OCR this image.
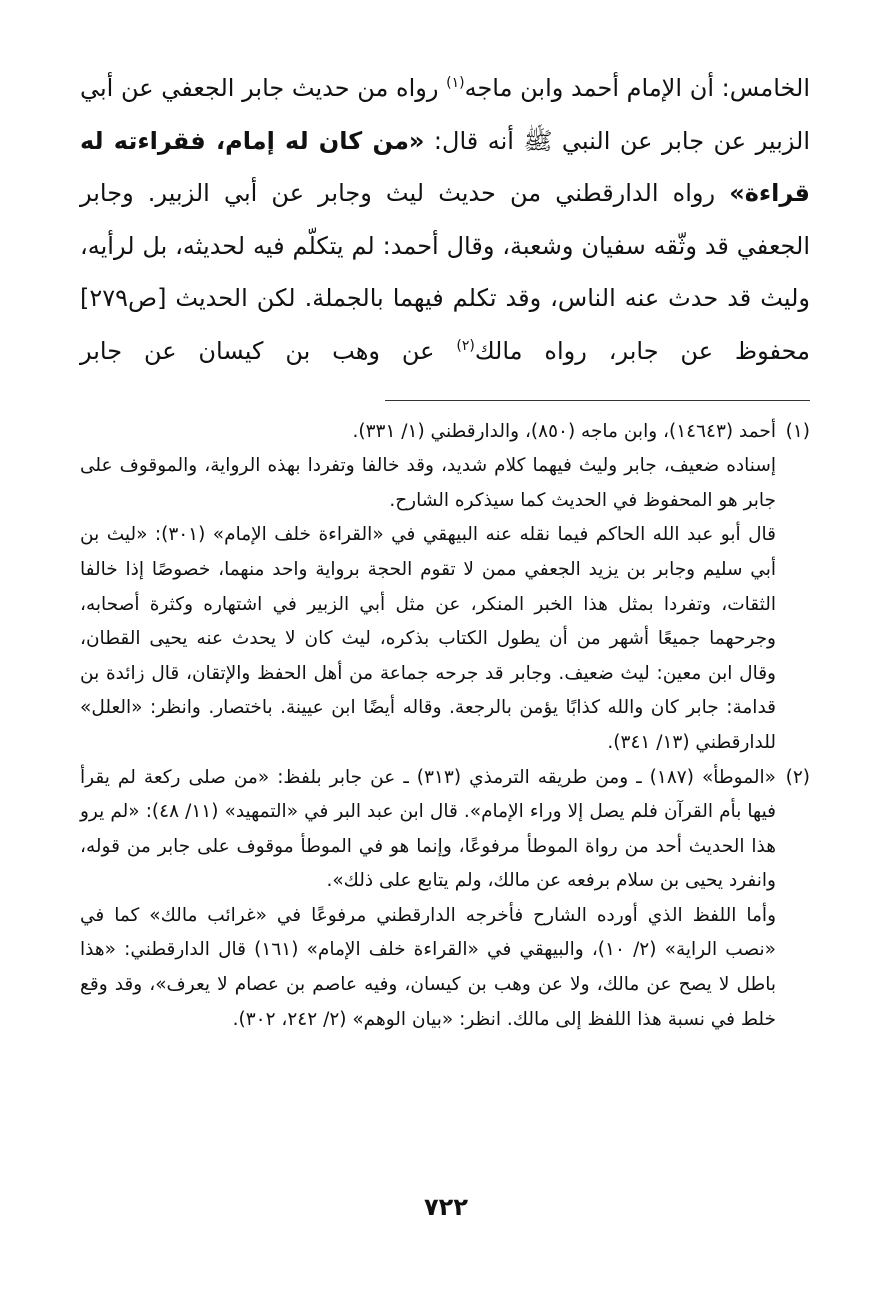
الخامس: أن الإمام أحمد وابن ماجه$^{(١)}$ رواه من حديث جابر الجعفي عن أبي الزبير عن جابر عن النبي ﷺ أنه قال: «من كان له إمام، فقراءته له قراءة» رواه الدارقطني من حديث ليث وجابر عن أبي الزبير. وجابر الجعفي قد وثّقه سفيان وشعبة، وقال أحمد: لم يتكلّم فيه لحديثه، بل لرأيه، وليث قد حدث عنه الناس، وقد تكلم فيهما بالجملة. لكن الحديث [ص٢٧٩] محفوظ عن جابر، رواه مالك$^{(٢)}$ عن وهب بن كيسان عن جابر

(١)

أحمد (١٤٦٤٣)، وابن ماجه (٨٥٠)، والدارقطني (١/ ٣٣١).

إسناده ضعيف، جابر وليث فيهما كلام شديد، وقد خالفا وتفردا بهذه الرواية، والموقوف على جابر هو المحفوظ في الحديث كما سيذكره الشارح.

قال أبو عبد الله الحاكم فيما نقله عنه البيهقي في «القراءة خلف الإمام» (٣٠١): «ليث بن أبي سليم وجابر بن يزيد الجعفي ممن لا تقوم الحجة برواية واحد منهما، خصوصًا إذا خالفا الثقات، وتفردا بمثل هذا الخبر المنكر، عن مثل أبي الزبير في اشتهاره وكثرة أصحابه، وجرحهما جميعًا أشهر من أن يطول الكتاب بذكره، ليث كان لا يحدث عنه يحيى القطان، وقال ابن معين: ليث ضعيف. وجابر قد جرحه جماعة من أهل الحفظ والإتقان، قال زائدة بن قدامة: جابر كان والله كذابًا يؤمن بالرجعة. وقاله أيضًا ابن عيينة. باختصار. وانظر: «العلل» للدارقطني (١٣/ ٣٤١).

(٢)

«الموطأ» (١٨٧) ـ ومن طريقه الترمذي (٣١٣) ـ عن جابر بلفظ: «من صلى ركعة لم يقرأ فيها بأم القرآن فلم يصل إلا وراء الإمام». قال ابن عبد البر في «التمهيد» (١١/ ٤٨): «لم يرو هذا الحديث أحد من رواة الموطأ مرفوعًا، وإنما هو في الموطأ موقوف على جابر من قوله، وانفرد يحيى بن سلام برفعه عن مالك، ولم يتابع على ذلك».

وأما اللفظ الذي أورده الشارح فأخرجه الدارقطني مرفوعًا في «غرائب مالك» كما في «نصب الراية» (٢/ ١٠)، والبيهقي في «القراءة خلف الإمام» (١٦١) قال الدارقطني: «هذا باطل لا يصح عن مالك، ولا عن وهب بن كيسان، وفيه عاصم بن عصام لا يعرف»، وقد وقع خلط في نسبة هذا اللفظ إلى مالك. انظر: «بيان الوهم» (٢/ ٢٤٢، ٣٠٢).

٧٢٢
